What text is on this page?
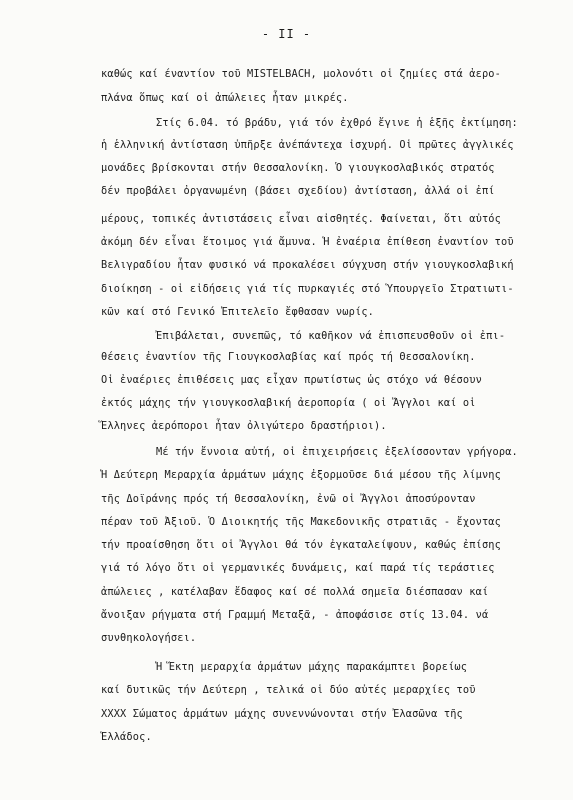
- II -
καθώς καί έναντίον τοῦ MISTELBACH, μολονότι οἱ ζημίες στά ἀερο-
πλάνα ὅπως καί οἱ ἀπώλειες ἦταν μικρές.
Στίς 6.04. τό βράδυ, γιά τόν ἐχθρό ἔγινε ἡ ἑξῆς ἐκτίμηση:
ἡ ἑλληνική ἀντίσταση ὑπῆρξε ἀνέπάντεχα ἰσχυρή. Οἱ πρῶτες ἀγγλικές
μονάδες βρίσκονται στήν Θεσσαλονίκη. Ὁ γιουγκοσλαβικός στρατός
δέν προβάλει ὀργανωμένη (βάσει σχεδίου) ἀντίσταση, ἀλλά οἱ ἐπί
μέρους, τοπικές ἀντιστάσεις εἶναι αἰσθητές. Φαίνεται, ὅτι αὐτός
ἀκόμη δέν εἶναι ἕτοιμος γιά ἄμυνα. Ἡ ἐναέρια ἐπίθεση ἐναντίον τοῦ
Βελιγραδίου ἦταν φυσικό νά προκαλέσει σύγχυση στήν γιουγκοσλαβική
διοίκηση - οἱ εἰδήσεις γιά τίς πυρκαγιές στό Ὑπουργεῖο Στρατιωτι-
κῶν καί στό Γενικό Ἐπιτελεῖο ἔφθασαν νωρίς.
Ἐπιβάλεται, συνεπῶς, τό καθῆκον νά ἐπισπευσθοῦν οἱ ἐπι-
θέσεις ἐναντίον τῆς Γιουγκοσλαβίας καί πρός τή Θεσσαλονίκη.
Οἱ ἐναέριες ἐπιθέσεις μας εἶχαν πρωτίστως ὡς στόχο νά θέσουν
ἐκτός μάχης τήν γιουγκοσλαβική ἀεροπορία ( οἱ Ἄγγλοι καί οἱ
Ἕλληνες ἀερόποροι ἦταν ὀλιγώτερο δραστήριοι).
Μέ τήν ἔννοια αὐτή, οἱ ἐπιχειρήσεις ἐξελίσσονταν γρήγορα.
Ἡ Δεύτερη Μεραρχία ἁρμάτων μάχης ἐξορμοῦσε διά μέσου τῆς λίμνης
τῆς Δοϊράνης πρός τή Θεσσαλονίκη, ἐνῶ οἱ Ἄγγλοι ἀποσύρονταν
πέραν τοῦ Ἀξιοῦ. Ὁ Διοικητής τῆς Μακεδονικῆς στρατιᾶς - ἔχοντας
τήν προαίσθηση ὅτι οἱ Ἄγγλοι θά τόν ἐγκαταλείψουν, καθώς ἐπίσης
γιά τό λόγο ὅτι οἱ γερμανικές δυνάμεις, καί παρά τίς τεράστιες
ἀπώλειες , κατέλαβαν ἔδαφος καί σέ πολλά σημεῖα διέσπασαν καί
ἄνοιξαν ρήγματα στή Γραμμή Μεταξᾶ, - ἀποφάσισε στίς 13.04. νά
συνθηκολογήσει.
Ἡ Ἕκτη μεραρχία ἁρμάτων μάχης παρακάμπτει βορείως
καί δυτικῶς τήν Δεύτερη , τελικά οἱ δύο αὐτές μεραρχίες τοῦ
XXXX Σώματος ἁρμάτων μάχης συνεννώνονται στήν Ἐλασῶνα τῆς
Ἑλλάδος.
